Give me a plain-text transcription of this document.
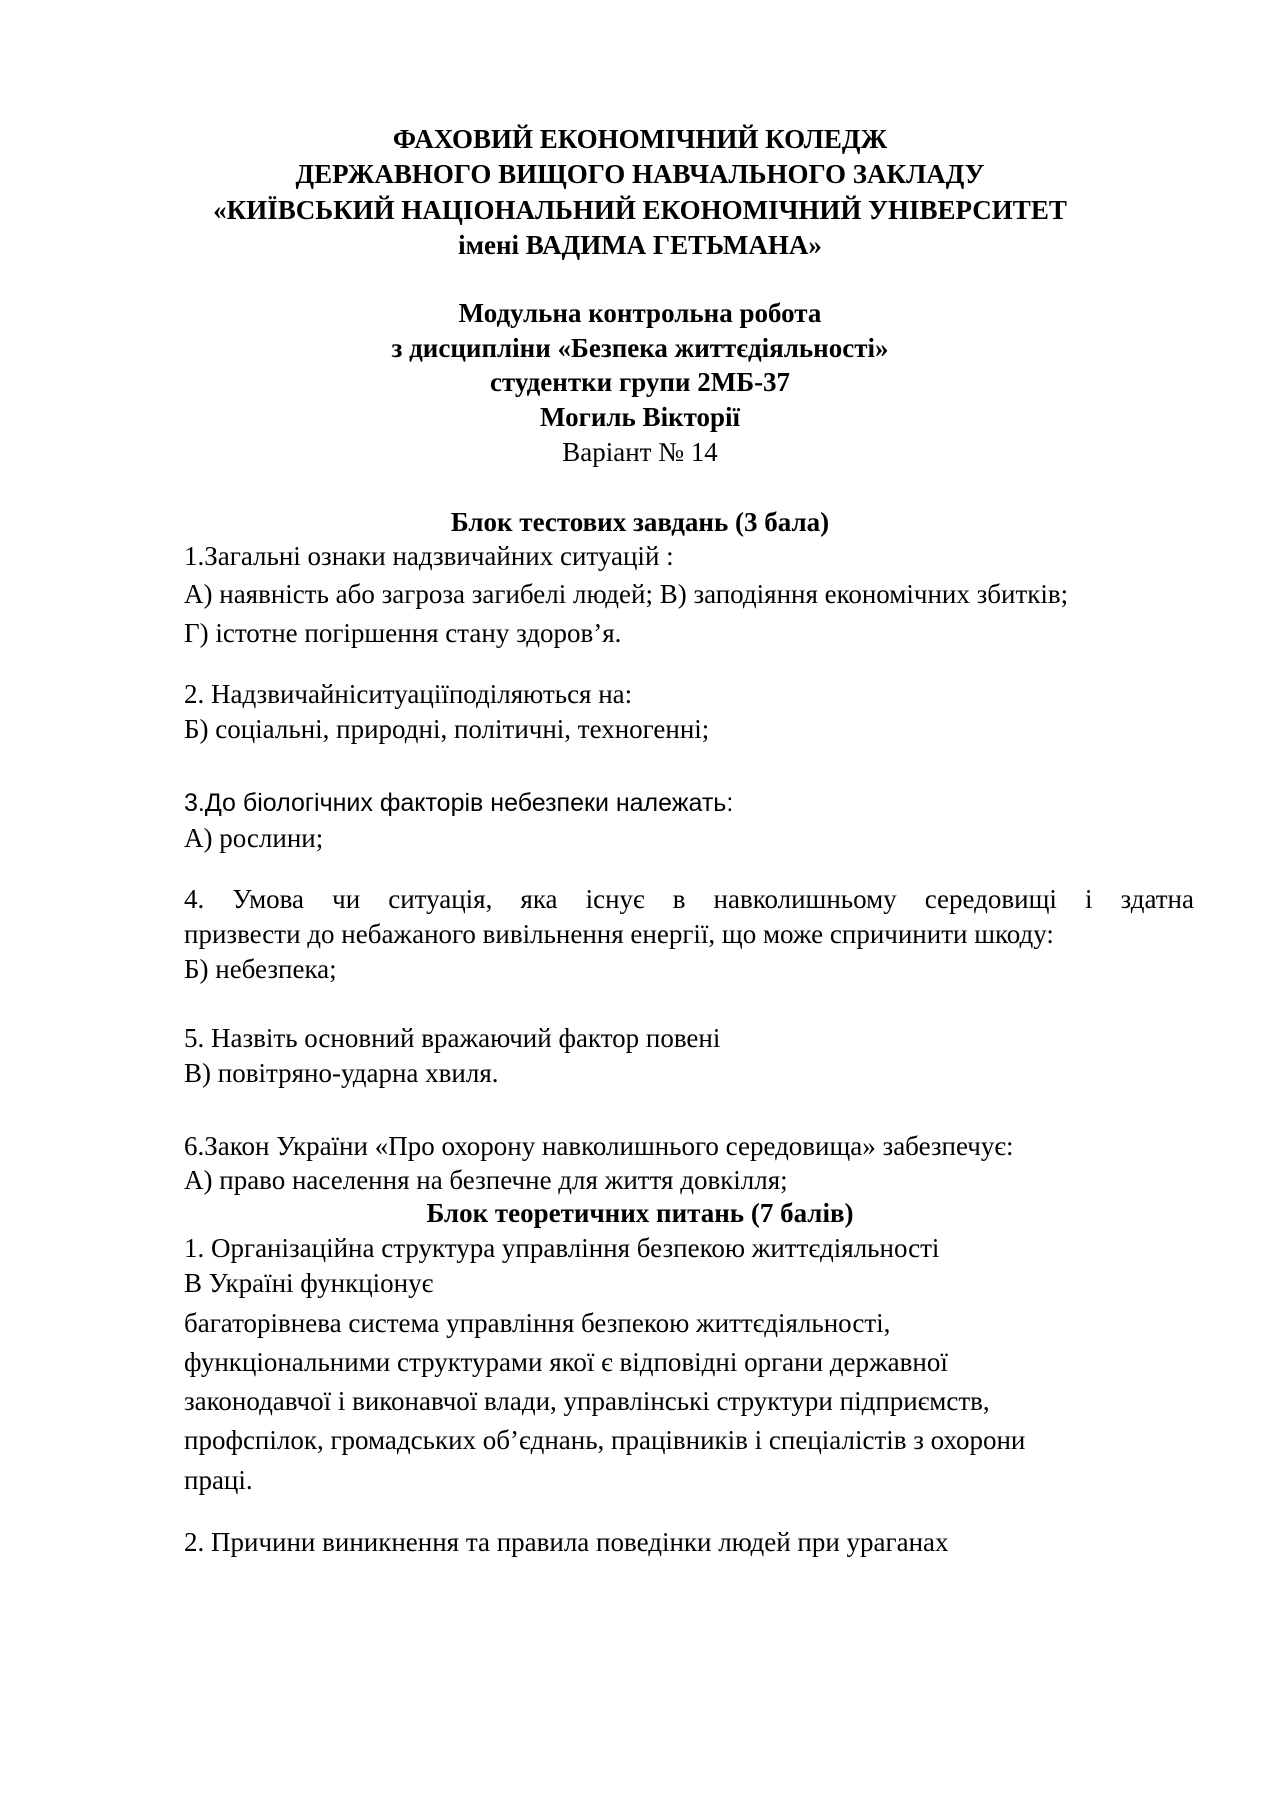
ФАХОВИЙ ЕКОНОМІЧНИЙ КОЛЕДЖ
ДЕРЖАВНОГО ВИЩОГО НАВЧАЛЬНОГО ЗАКЛАДУ
«КИЇВСЬКИЙ НАЦІОНАЛЬНИЙ ЕКОНОМІЧНИЙ УНІВЕРСИТЕТ
імені ВАДИМА ГЕТЬМАНА»
Модульна контрольна робота
з дисципліни «Безпека життєдіяльності»
студентки групи 2МБ-37
Могиль Вікторії
Варіант № 14
Блок тестових завдань (3 бала)
1.Загальні ознаки надзвичайних ситуацій :
А) наявність або загроза загибелі людей; В) заподіяння економічних збитків;
Г) істотне погіршення стану здоров’я.
2. Надзвичайніситуаціїподіляються на:
Б) соціальні, природні, політичні, техногенні;
3.До біологічних факторів небезпеки належать:
А) рослини;
4. Умова чи ситуація, яка існує в навколишньому середовищі і здатна
призвести до небажаного вивільнення енергії, що може спричинити шкоду:
Б) небезпека;
5. Назвіть основний вражаючий фактор повені
В) повітряно-ударна хвиля.
6.Закон України «Про охорону навколишнього середовища» забезпечує:
А) право населення на безпечне для життя довкілля;
Блок теоретичних питань (7 балів)
1. Організаційна структура управління безпекою життєдіяльності
В Україні функціонує
багаторівнева система управління безпекою життєдіяльності,
функціональними структурами якої є відповідні органи державної
законодавчої і виконавчої влади, управлінські структури підприємств,
профспілок, громадських об’єднань, працівників і спеціалістів з охорони
праці.
2. Причини виникнення та правила поведінки людей при ураганах
